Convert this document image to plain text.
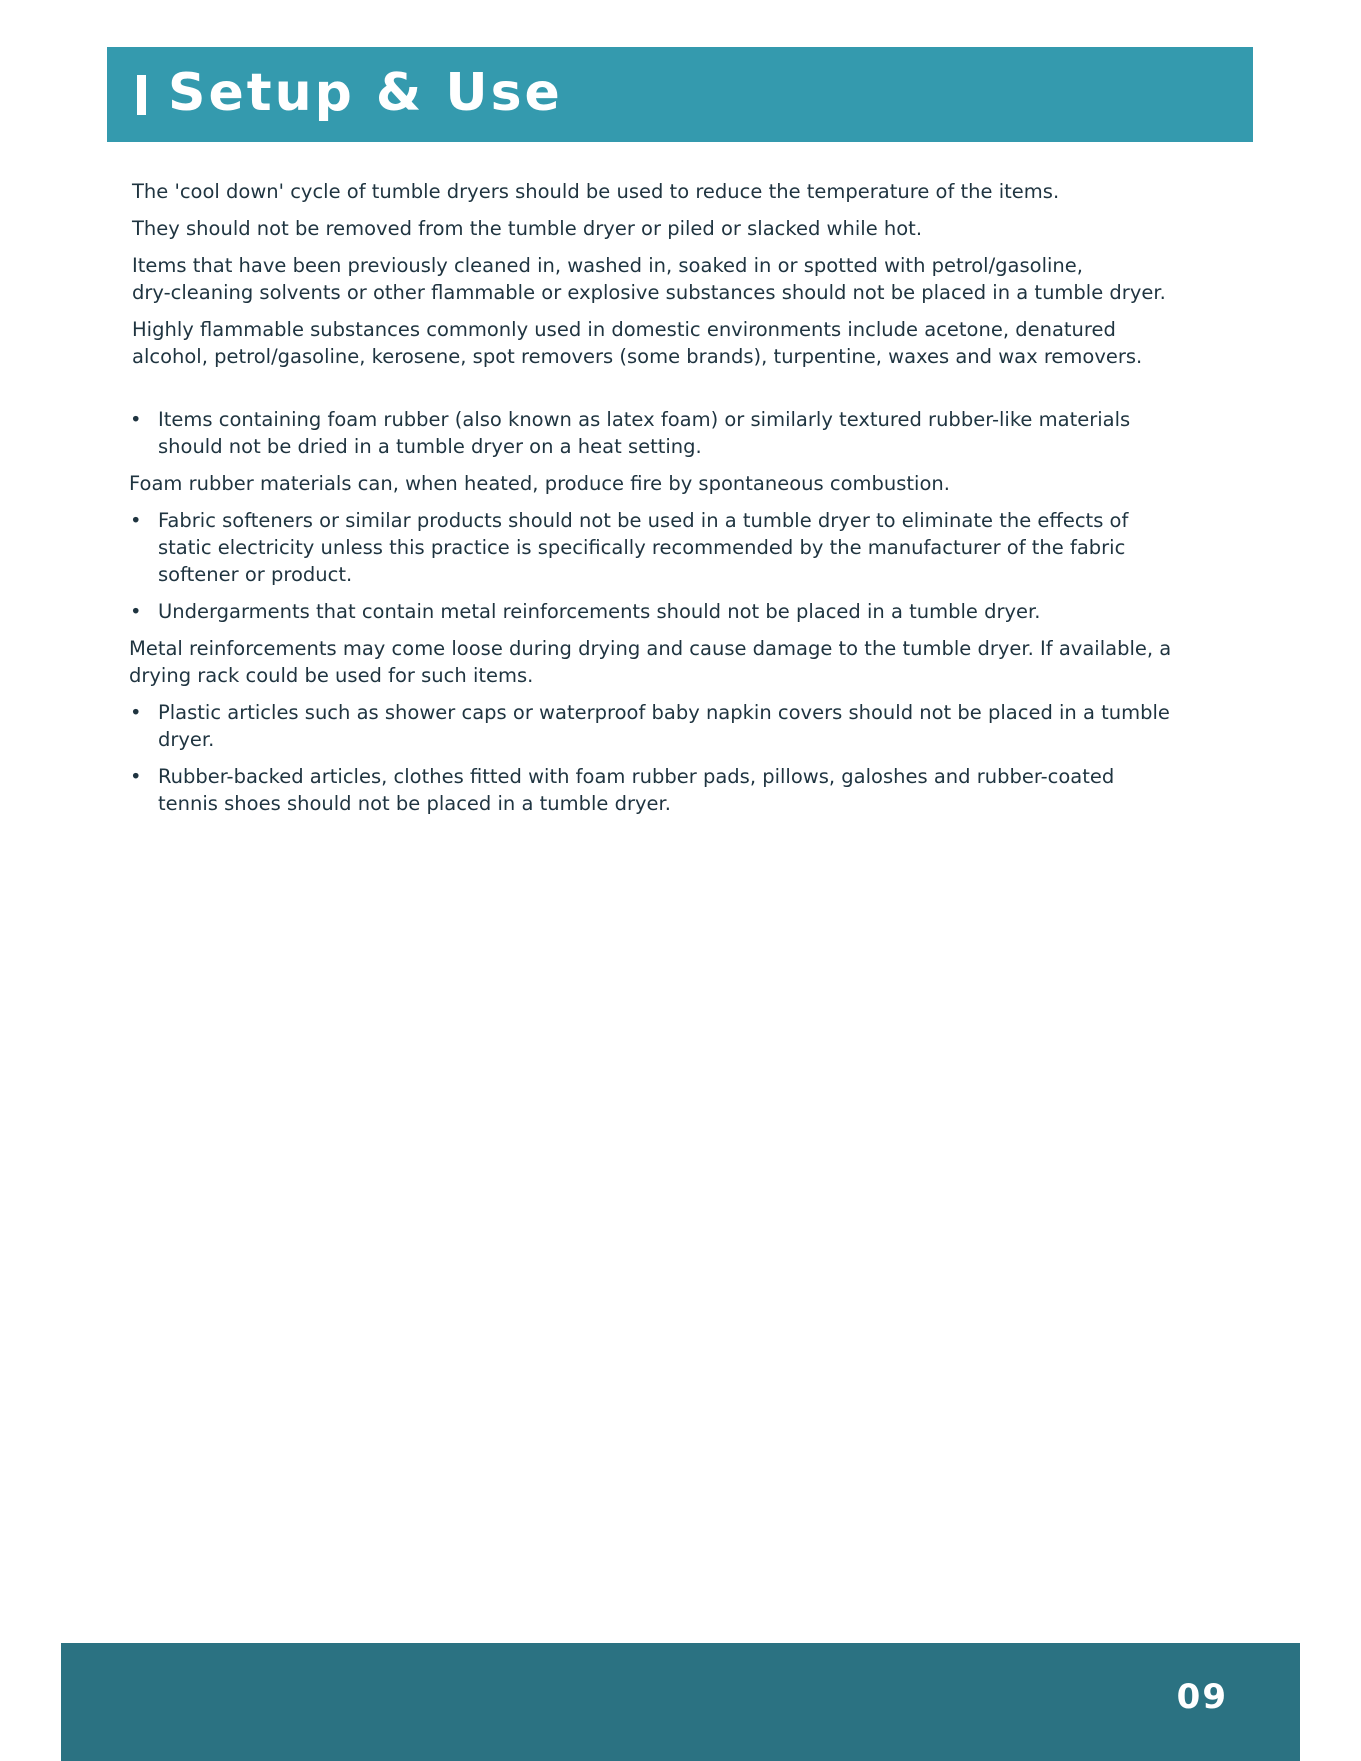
Setup & Use
The 'cool down' cycle of tumble dryers should be used to reduce the temperature of the items.
They should not be removed from the tumble dryer or piled or slacked while hot.
Items that have been previously cleaned in, washed in, soaked in or spotted with petrol/gasoline,
dry-cleaning solvents or other flammable or explosive substances should not be placed in a tumble dryer.
Highly flammable substances commonly used in domestic environments include acetone, denatured
alcohol, petrol/gasoline, kerosene, spot removers (some brands), turpentine, waxes and wax removers.
• Items containing foam rubber (also known as latex foam) or similarly textured rubber-like materials
should not be dried in a tumble dryer on a heat setting.
Foam rubber materials can, when heated, produce fire by spontaneous combustion.
• Fabric softeners or similar products should not be used in a tumble dryer to eliminate the effects of
static electricity unless this practice is specifically recommended by the manufacturer of the fabric
softener or product.
• Undergarments that contain metal reinforcements should not be placed in a tumble dryer.
Metal reinforcements may come loose during drying and cause damage to the tumble dryer. If available, a
drying rack could be used for such items.
• Plastic articles such as shower caps or waterproof baby napkin covers should not be placed in a tumble
dryer.
• Rubber-backed articles, clothes fitted with foam rubber pads, pillows, galoshes and rubber-coated
tennis shoes should not be placed in a tumble dryer.
09
